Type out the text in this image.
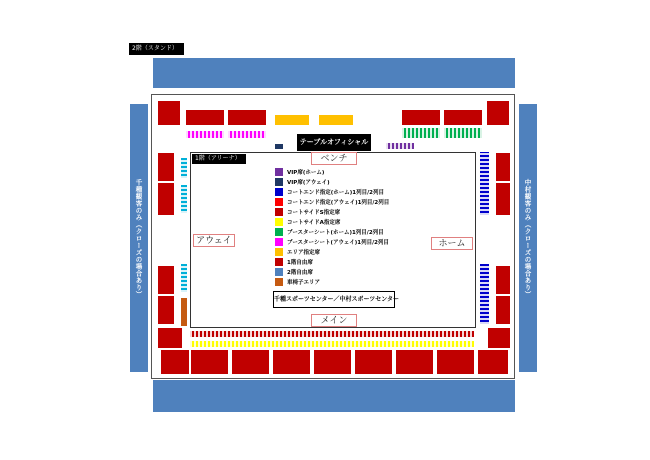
2階（スタンド）
千種観客のみ（クローズの場合あり）	中村観客のみ（クローズの場合あり）
テーブルオフィシャル
1階（アリーナ）	ベンチ
メイン
アウェイ	ホーム
VIP席(ホーム)
VIP席(アウェイ)
コートエンド指定(ホーム)1列目/2列目
コートエンド指定(アウェイ)1列目/2列目
コートサイドS指定席
コートサイドA指定席
ブースターシート(ホーム)1列目/2列目
ブースターシート(アウェイ)1列目/2列目
エリア指定席
1階自由席
2階自由席
車椅子エリア
千種スポーツセンター／中村スポーツセンター
